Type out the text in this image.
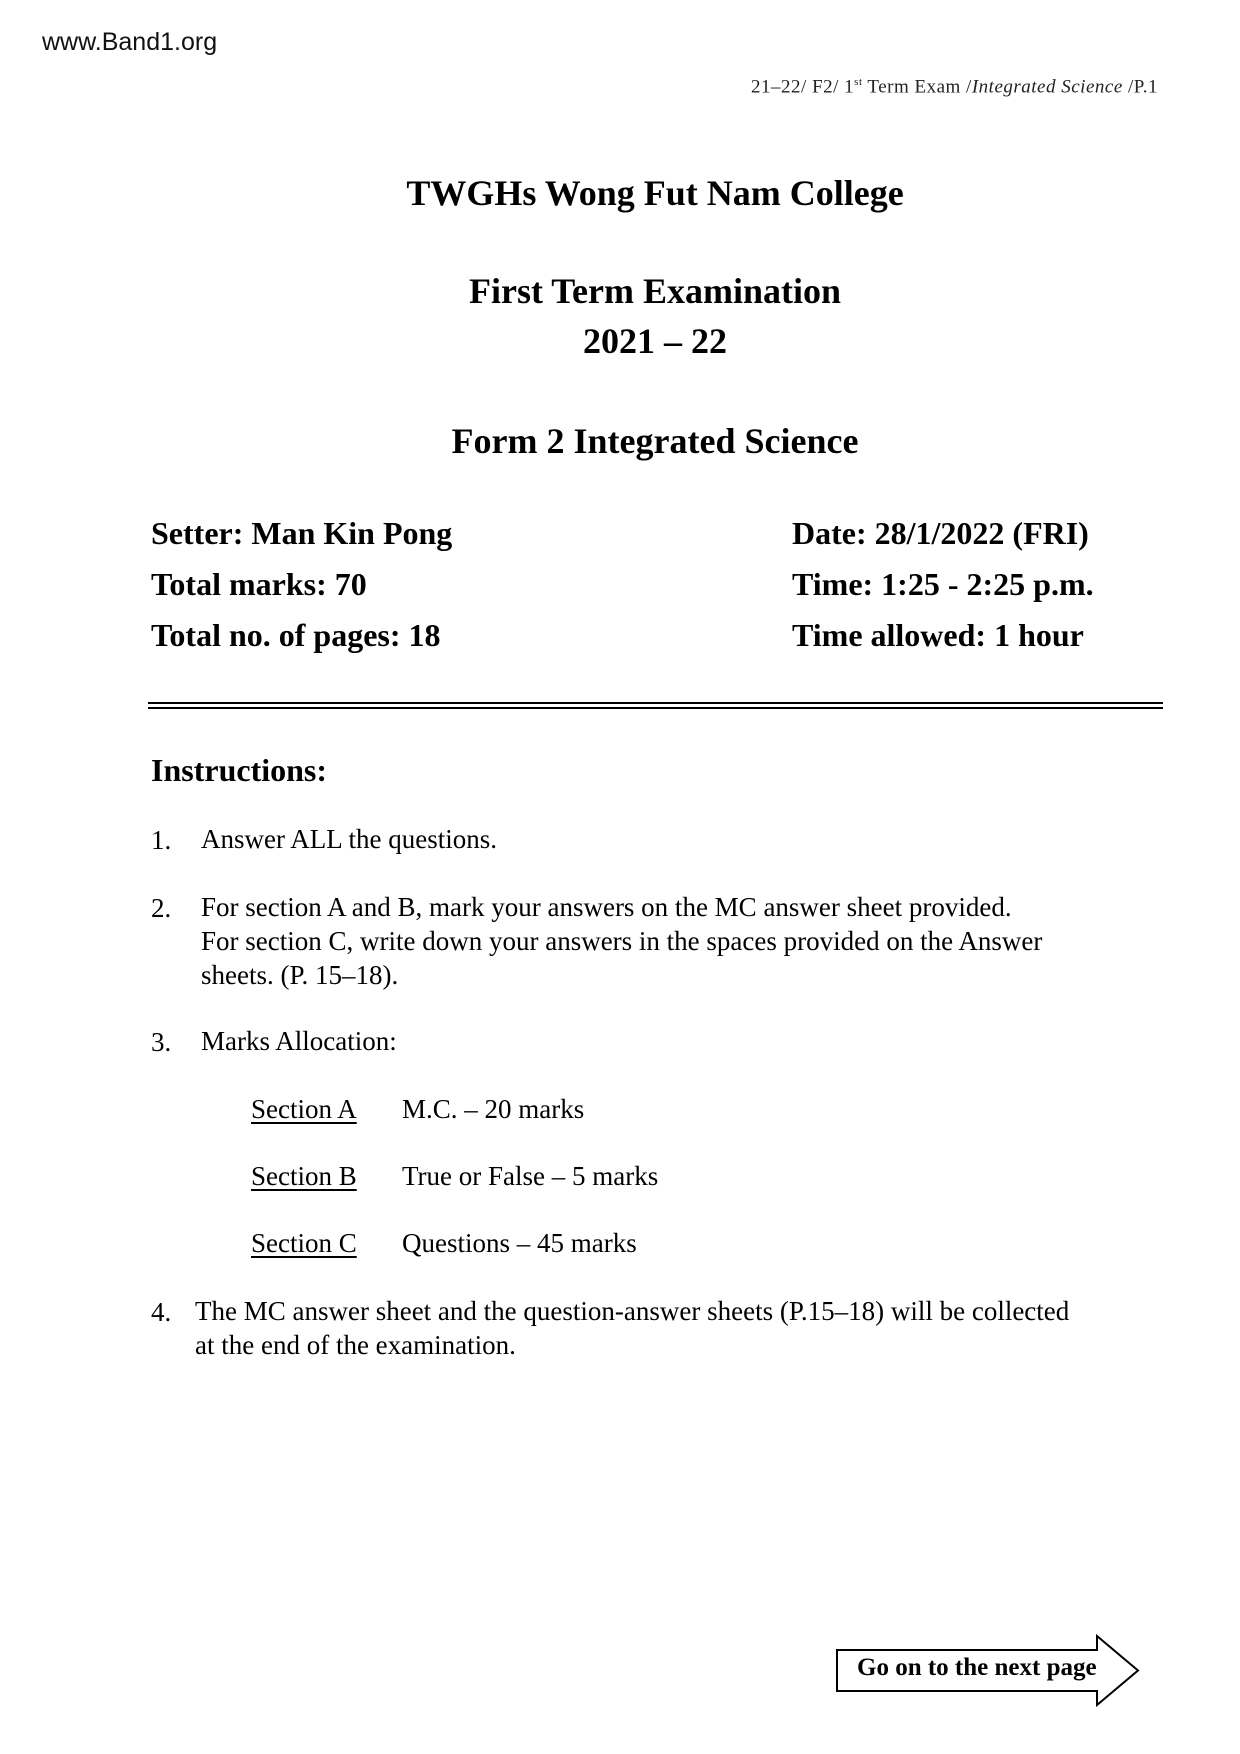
www.Band1.org
21–22/ F2/ 1st Term Exam /Integrated Science /P.1
TWGHs Wong Fut Nam College
First Term Examination
2021 – 22
Form 2 Integrated Science
Setter: Man Kin Pong
Total marks: 70
Total no. of pages: 18
Date: 28/1/2022 (FRI)
Time: 1:25 - 2:25 p.m.
Time allowed: 1 hour
Instructions:
1. Answer ALL the questions.
2. For section A and B, mark your answers on the MC answer sheet provided.
For section C, write down your answers in the spaces provided on the Answer
sheets. (P. 15–18).
3. Marks Allocation:
Section A M.C. – 20 marks
Section B True or False – 5 marks
Section C Questions – 45 marks
4. The MC answer sheet and the question-answer sheets (P.15–18) will be collected
at the end of the examination.
Go on to the next page
